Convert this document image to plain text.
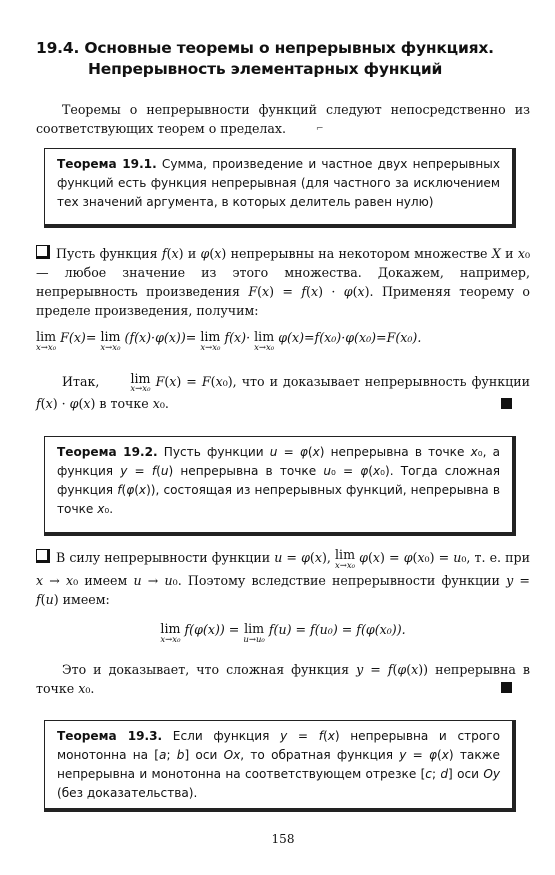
19.4. Основные теоремы о непрерывных функциях.
Непрерывность элементарных функций
Теоремы о непрерывности функций следуют непосредственно из соответствующих теорем о пределах.	⌐
Теорема 19.1. Сумма, произведение и частное двух непрерывных функций есть функция непрерывная (для частного за исключением тех значений аргумента, в которых делитель равен нулю)
Пусть функция f(x) и φ(x) непрерывны на некотором множестве X и x₀ — любое значение из этого множества. Докажем, например, непрерывность произведения F(x) = f(x) · φ(x). Применяя теорему о пределе произведения, получим:
lim
x→x₀
F(x)= lim
x→x₀
(f(x)·φ(x))= lim
x→x₀
f(x)· lim
x→x₀
φ(x)=f(x₀)·φ(x₀)=F(x₀).
Итак, lim
x→x₀ F(x) = F(x₀), что и доказывает непрерывность функции f(x) · φ(x) в точке x₀.
Теорема 19.2. Пусть функции u = φ(x) непрерывна в точке x₀, а функция y = f(u) непрерывна в точке u₀ = φ(x₀). Тогда сложная функция f(φ(x)), состоящая из непрерывных функций, непрерывна в точке x₀.
В силу непрерывности функции u = φ(x), lim
x→x₀
φ(x) = φ(x₀) = u₀, т. е. при x → x₀ имеем u → u₀. Поэтому вследствие непрерывности функции y = f(u) имеем:
lim
x→x₀
f(φ(x)) = lim
u→u₀
f(u) = f(u₀) = f(φ(x₀)).
Это и доказывает, что сложная функция y = f(φ(x)) непрерывна в точке x₀.
Теорема 19.3. Если функция y = f(x) непрерывна и строго монотонна на [a; b] оси Ox, то обратная функция y = φ(x) также непрерывна и монотонна на соответствующем отрезке [c; d] оси Oy (без доказательства).
158
